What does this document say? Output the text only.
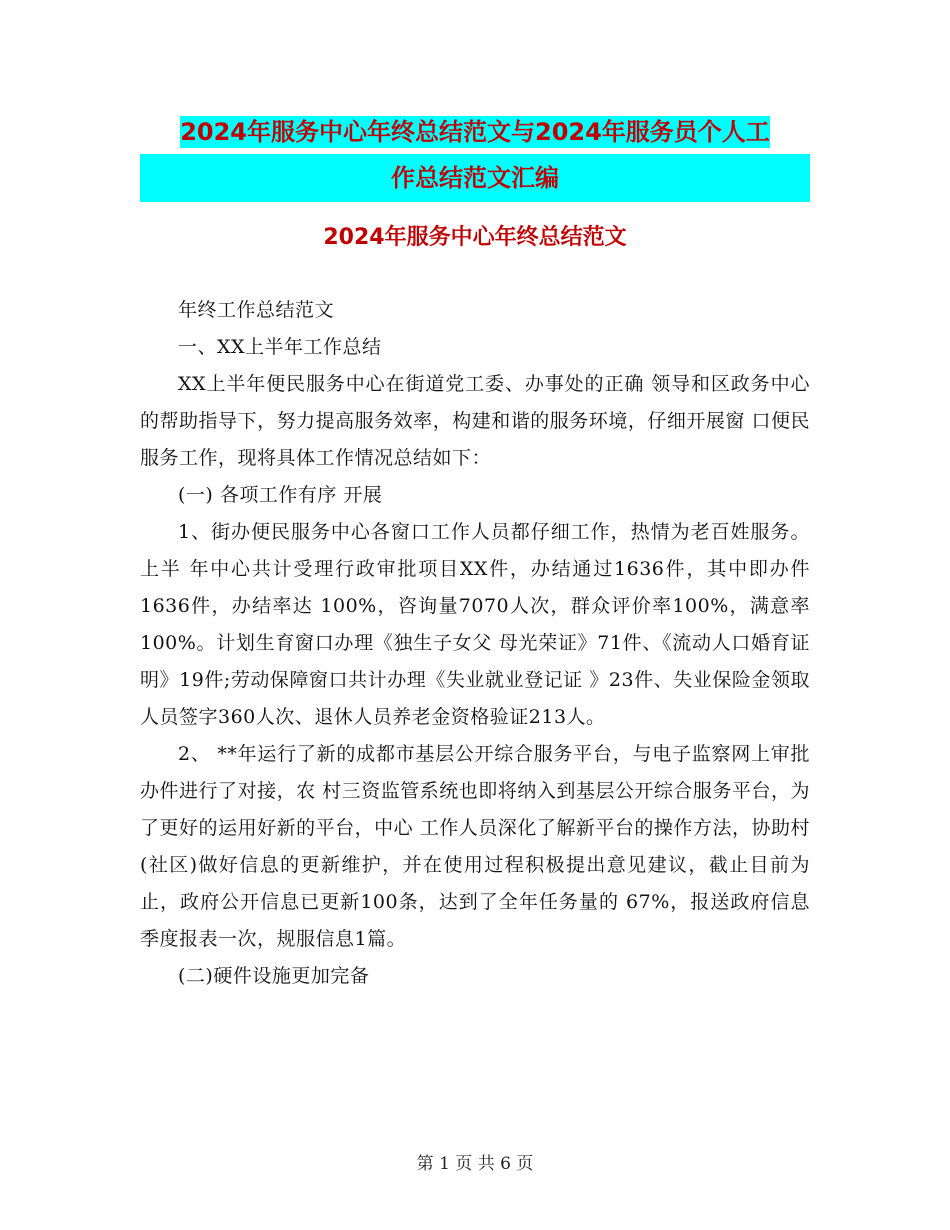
2024年服务中心年终总结范文与2024年服务员个人工
作总结范文汇编
2024年服务中心年终总结范文

年终工作总结范文

一、XX上半年工作总结

XX上半年便民服务中心在街道党工委、办事处的正确 领导和区政务中心的帮助指导下，努力提高服务效率，构建和谐的服务环境，仔细开展窗 口便民服务工作，现将具体工作情况总结如下：

(一) 各项工作有序 开展

1、街办便民服务中心各窗口工作人员都仔细工作，热情为老百姓服务。上半 年中心共计受理行政审批项目XX件，办结通过1636件，其中即办件1636件，办结率达 100%，咨询量7070人次，群众评价率100%，满意率100%。计划生育窗口办理《独生子女父 母光荣证》71件、《流动人口婚育证明》19件;劳动保障窗口共计办理《失业就业登记证 》23件、失业保险金领取人员签字360人次、退休人员养老金资格验证213人。

2、 **年运行了新的成都市基层公开综合服务平台，与电子监察网上审批办件进行了对接，农 村三资监管系统也即将纳入到基层公开综合服务平台，为了更好的运用好新的平台，中心 工作人员深化了解新平台的操作方法，协助村(社区)做好信息的更新维护，并在使用过程积极提出意见建议，截止目前为止，政府公开信息已更新100条，达到了全年任务量的 67%，报送政府信息季度报表一次，规服信息1篇。

(二)硬件设施更加完备

第 1 页 共 6 页
